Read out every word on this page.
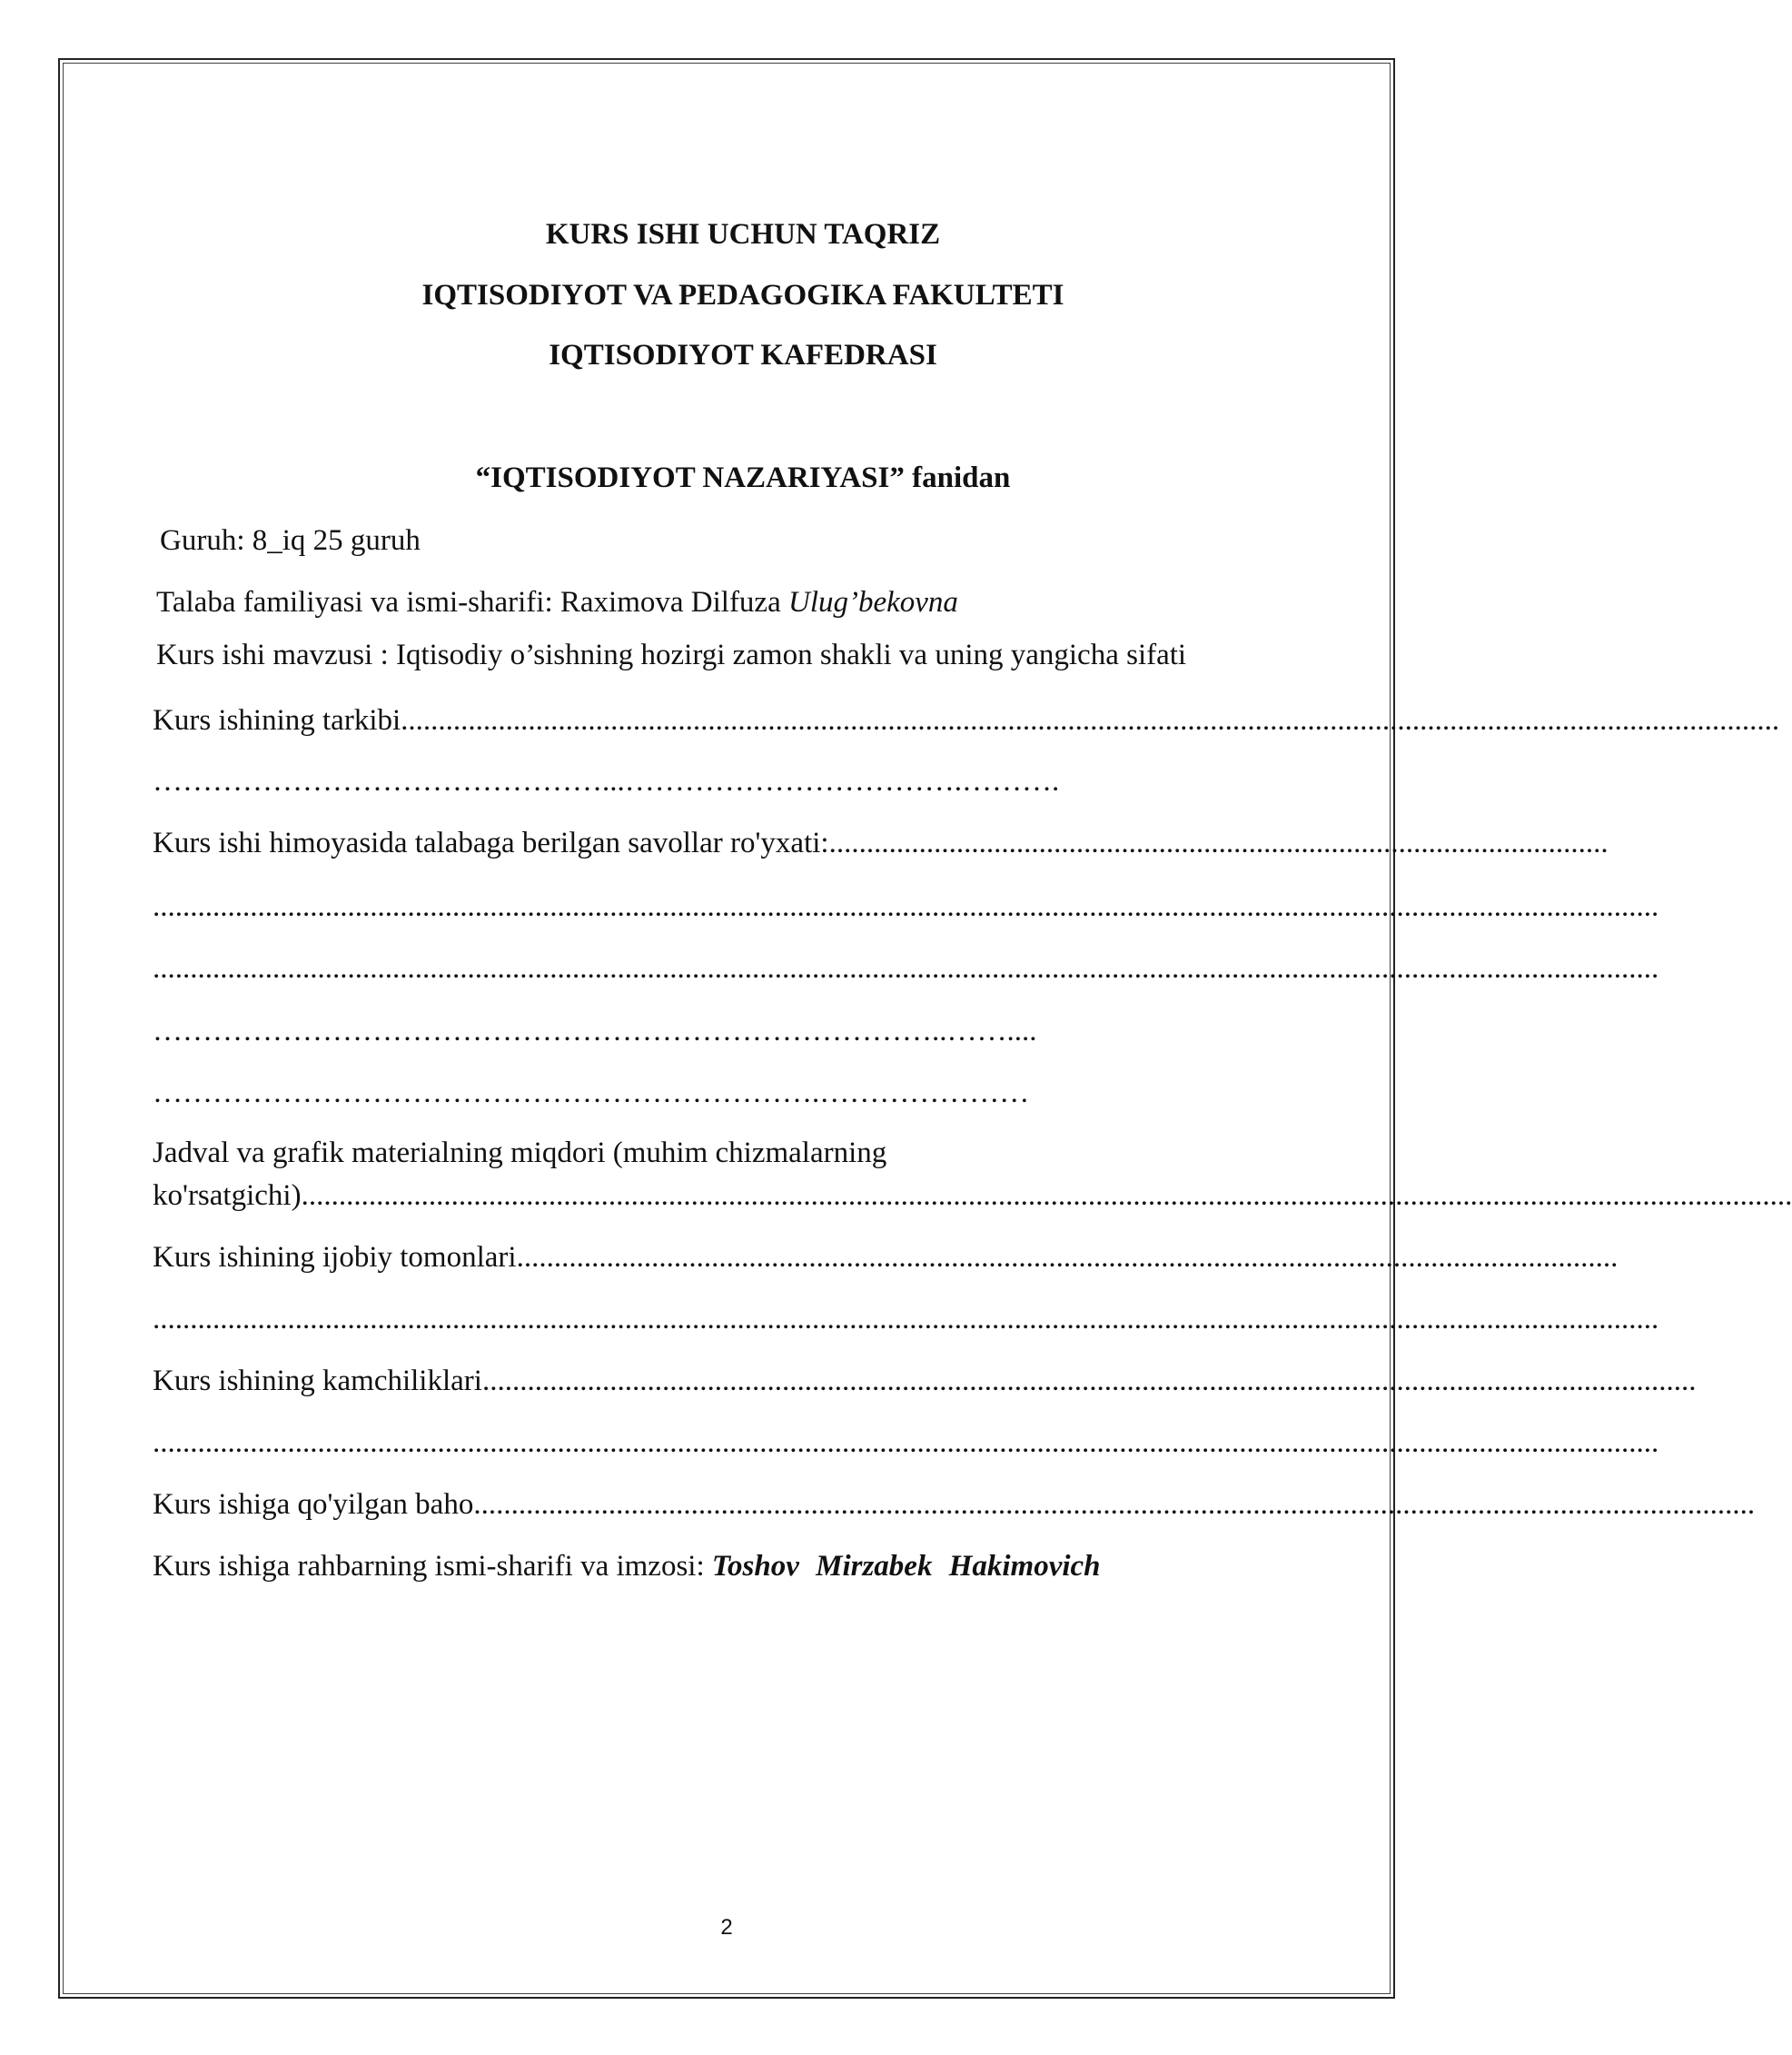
KURS ISHI UCHUN TAQRIZ
IQTISODIYOT VA PEDAGOGIKA FAKULTETI
IQTISODIYOT KAFEDRASI
“IQTISODIYOT NAZARIYASI” fanidan
Guruh: 8_iq 25 guruh
Talaba familiyasi va ismi-sharifi: Raximova Dilfuza Ulug’bekovna
Kurs ishi mavzusi : Iqtisodiy o’sishning hozirgi zamon shakli va uning yangicha sifati
Kurs ishining tarkibi........................................................................................................................................................................................
………………………………………...…………………………….……….
Kurs ishi himoyasida talabaga berilgan savollar ro'yxati:........................................................................................................
.........................................................................................................................................................................................................
.........................................................................................................................................................................................................
……………………………………………………………………..……....
………………………………………………………….…………………
Jadval va grafik materialning miqdori (muhim chizmalarning
ko'rsatgichi).......................................................................................................................................................................................................
Kurs ishining ijobiy tomonlari...................................................................................................................................................
.........................................................................................................................................................................................................
Kurs ishining kamchiliklari..................................................................................................................................................................
.........................................................................................................................................................................................................
Kurs ishiga qo'yilgan baho...........................................................................................................................................................................
Kurs ishiga rahbarning ismi-sharifi va imzosi: Toshov Mirzabek Hakimovich
2
